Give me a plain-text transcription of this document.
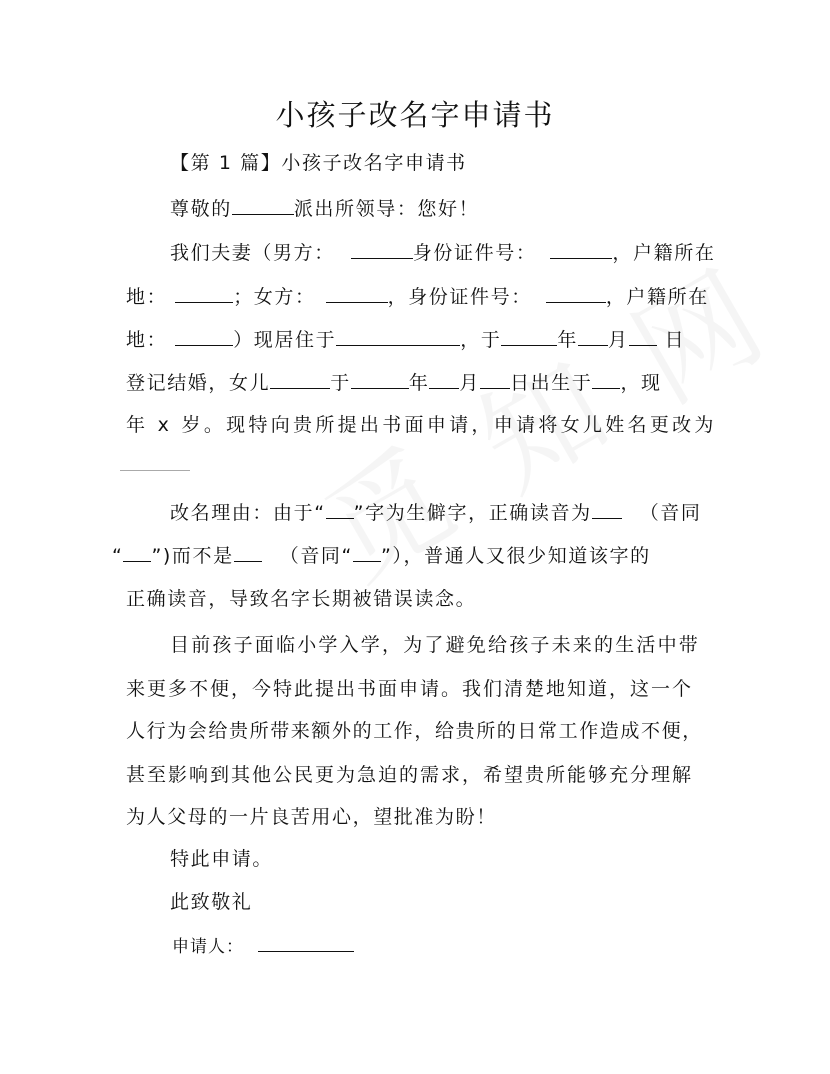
小孩子改名字申请书
【第 1 篇】小孩子改名字申请书
尊敬的	派出所领导：您好！
我们夫妻（男方：	身份证件号：	，户籍所在
地：	；女方：	，身份证件号：	，户籍所在
地：	）现居住于	，于	年 月 日
登记结婚，女儿	于	年 月 日出生于 ，现
年 x 岁。现特向贵所提出书面申请，申请将女儿姓名更改为
改名理由：由于“ ”字为生僻字，正确读音为	（音同
“ ”)而不是 （音同“ ”），普通人又很少知道该字的
正确读音，导致名字长期被错误读念。
目前孩子面临小学入学，为了避免给孩子未来的生活中带
来更多不便，今特此提出书面申请。我们清楚地知道，这一个
人行为会给贵所带来额外的工作，给贵所的日常工作造成不便，
甚至影响到其他公民更为急迫的需求，希望贵所能够充分理解
为人父母的一片良苦用心，望批准为盼！
特此申请。
此致敬礼
申请人：
